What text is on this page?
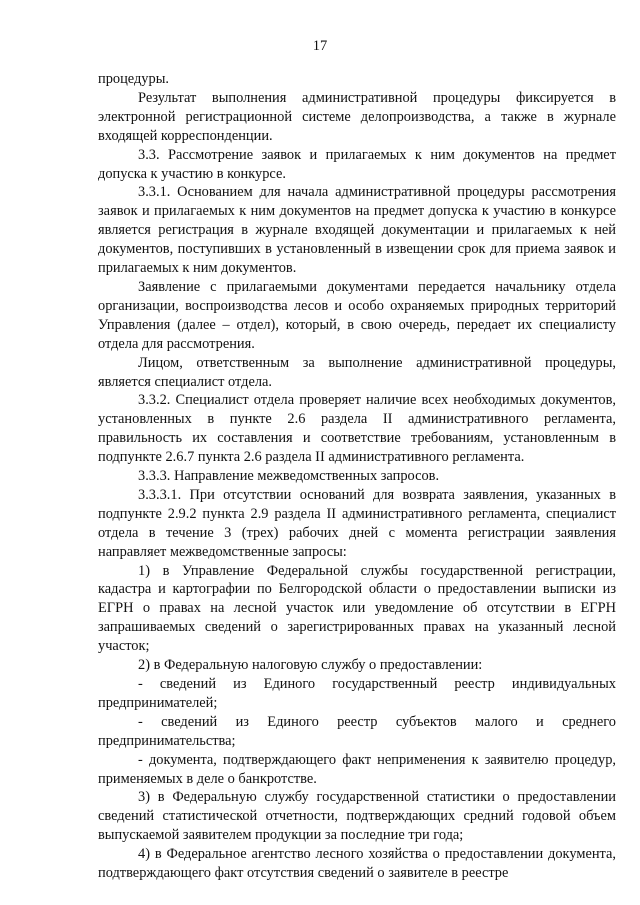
17

процедуры.

Результат выполнения административной процедуры фиксируется в электронной регистрационной системе делопроизводства, а также в журнале входящей корреспонденции.

3.3. Рассмотрение заявок и прилагаемых к ним документов на предмет допуска к участию в конкурсе.

3.3.1. Основанием для начала административной процедуры рассмотрения заявок и прилагаемых к ним документов на предмет допуска к участию в конкурсе является регистрация в журнале входящей документации и прилагаемых к ней документов, поступивших в установленный в извещении срок для приема заявок и прилагаемых к ним документов.

Заявление с прилагаемыми документами передается начальнику отдела организации, воспроизводства лесов и особо охраняемых природных территорий Управления (далее – отдел), который, в свою очередь, передает их специалисту отдела для рассмотрения.

Лицом, ответственным за выполнение административной процедуры, является специалист отдела.

3.3.2. Специалист отдела проверяет наличие всех необходимых документов, установленных в пункте 2.6 раздела II административного регламента, правильность их составления и соответствие требованиям, установленным в подпункте 2.6.7 пункта 2.6 раздела II административного регламента.

3.3.3. Направление межведомственных запросов.

3.3.3.1. При отсутствии оснований для возврата заявления, указанных в подпункте 2.9.2 пункта 2.9 раздела II административного регламента, специалист отдела в течение 3 (трех) рабочих дней с момента регистрации заявления направляет межведомственные запросы:

1) в Управление Федеральной службы государственной регистрации, кадастра и картографии по Белгородской области о предоставлении выписки из ЕГРН о правах на лесной участок или уведомление об отсутствии в ЕГРН запрашиваемых сведений о зарегистрированных правах на указанный лесной участок;

2) в Федеральную налоговую службу о предоставлении:

- сведений из Единого государственный реестр индивидуальных предпринимателей;

- сведений из Единого реестр субъектов малого и среднего предпринимательства;

- документа, подтверждающего факт неприменения к заявителю процедур, применяемых в деле о банкротстве.

3) в Федеральную службу государственной статистики о предоставлении сведений статистической отчетности, подтверждающих средний годовой объем выпускаемой заявителем продукции за последние три года;

4) в Федеральное агентство лесного хозяйства о предоставлении документа, подтверждающего факт отсутствия сведений о заявителе в реестре
